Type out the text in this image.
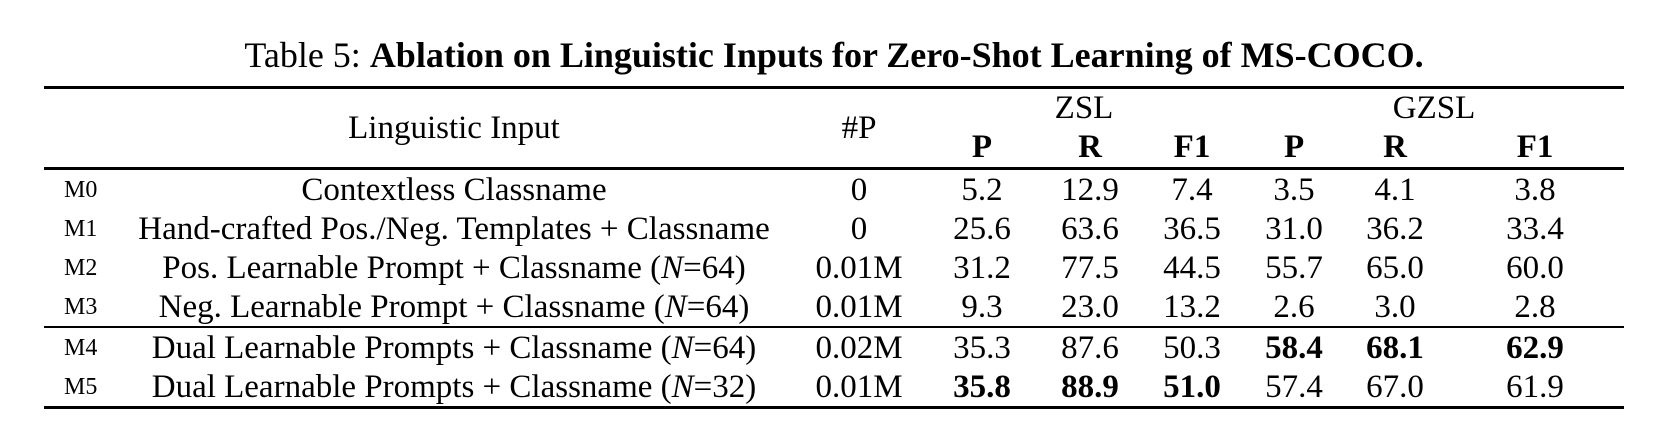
Table 5: Ablation on Linguistic Inputs for Zero-Shot Learning of MS-COCO.
	Linguistic Input	#P	ZSL			GZSL		
			P	R	F1	P	R	F1
M0	Contextless Classname	0	5.2	12.9	7.4	3.5	4.1	3.8
M1	Hand-crafted Pos./Neg. Templates + Classname	0	25.6	63.6	36.5	31.0	36.2	33.4
M2	Pos. Learnable Prompt + Classname (N=64)	0.01M	31.2	77.5	44.5	55.7	65.0	60.0
M3	Neg. Learnable Prompt + Classname (N=64)	0.01M	9.3	23.0	13.2	2.6	3.0	2.8
M4	Dual Learnable Prompts + Classname (N=64)	0.02M	35.3	87.6	50.3	58.4	68.1	62.9
M5	Dual Learnable Prompts + Classname (N=32)	0.01M	35.8	88.9	51.0	57.4	67.0	61.9
